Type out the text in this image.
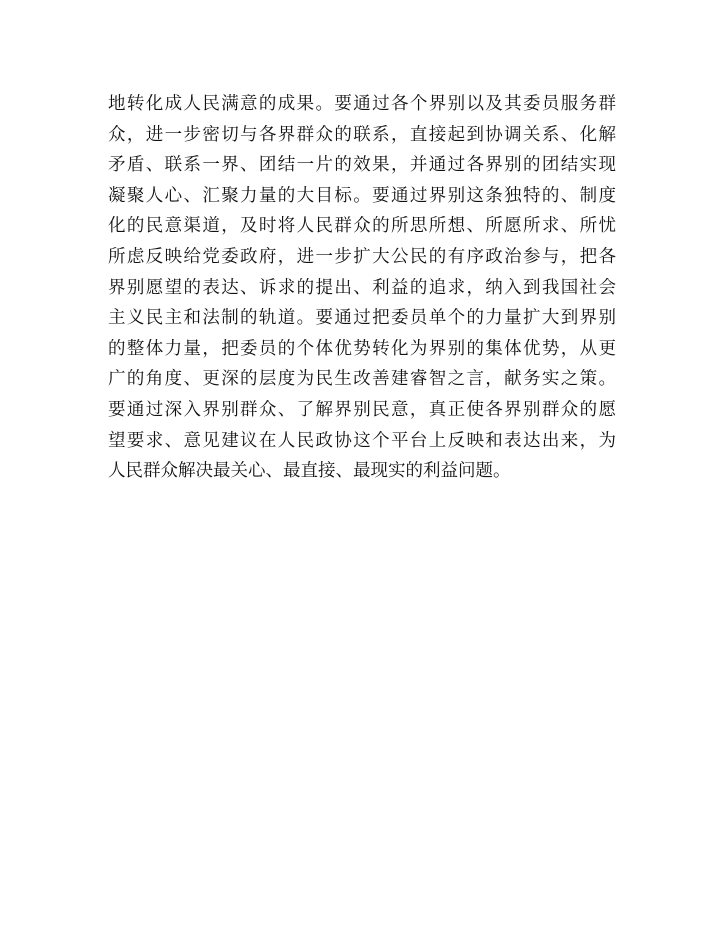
地转化成人民满意的成果。要通过各个界别以及其委员服务群
众，进一步密切与各界群众的联系，直接起到协调关系、化解
矛盾、联系一界、团结一片的效果，并通过各界别的团结实现
凝聚人心、汇聚力量的大目标。要通过界别这条独特的、制度
化的民意渠道，及时将人民群众的所思所想、所愿所求、所忧
所虑反映给党委政府，进一步扩大公民的有序政治参与，把各
界别愿望的表达、诉求的提出、利益的追求，纳入到我国社会
主义民主和法制的轨道。要通过把委员单个的力量扩大到界别
的整体力量，把委员的个体优势转化为界别的集体优势，从更
广的角度、更深的层度为民生改善建睿智之言，献务实之策。
要通过深入界别群众、了解界别民意，真正使各界别群众的愿
望要求、意见建议在人民政协这个平台上反映和表达出来，为
人民群众解决最关心、最直接、最现实的利益问题。
